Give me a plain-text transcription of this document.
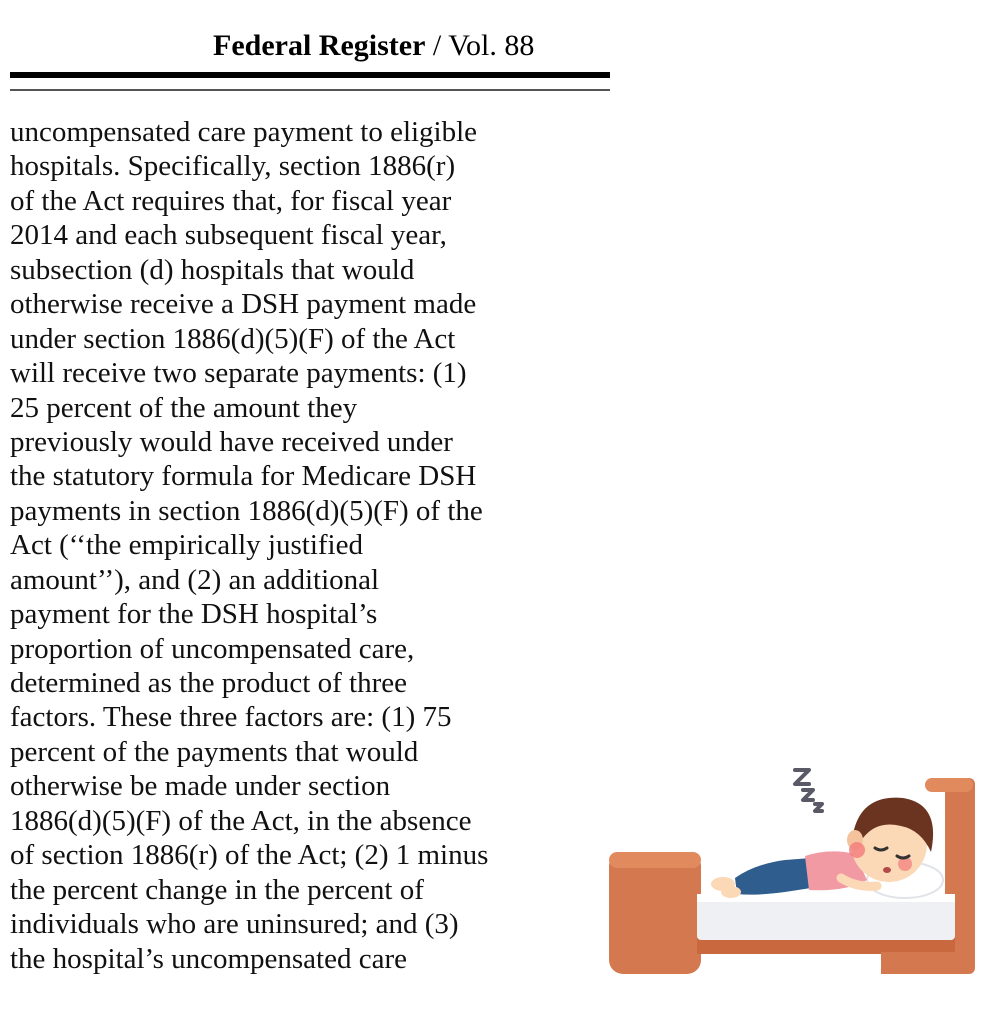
Federal Register / Vol. 88
uncompensated care payment to eligible
hospitals. Specifically, section 1886(r)
of the Act requires that, for fiscal year
2014 and each subsequent fiscal year,
subsection (d) hospitals that would
otherwise receive a DSH payment made
under section 1886(d)(5)(F) of the Act
will receive two separate payments: (1)
25 percent of the amount they
previously would have received under
the statutory formula for Medicare DSH
payments in section 1886(d)(5)(F) of the
Act (‘‘the empirically justified
amount’’), and (2) an additional
payment for the DSH hospital’s
proportion of uncompensated care,
determined as the product of three
factors. These three factors are: (1) 75
percent of the payments that would
otherwise be made under section
1886(d)(5)(F) of the Act, in the absence
of section 1886(r) of the Act; (2) 1 minus
the percent change in the percent of
individuals who are uninsured; and (3)
the hospital’s uncompensated care
